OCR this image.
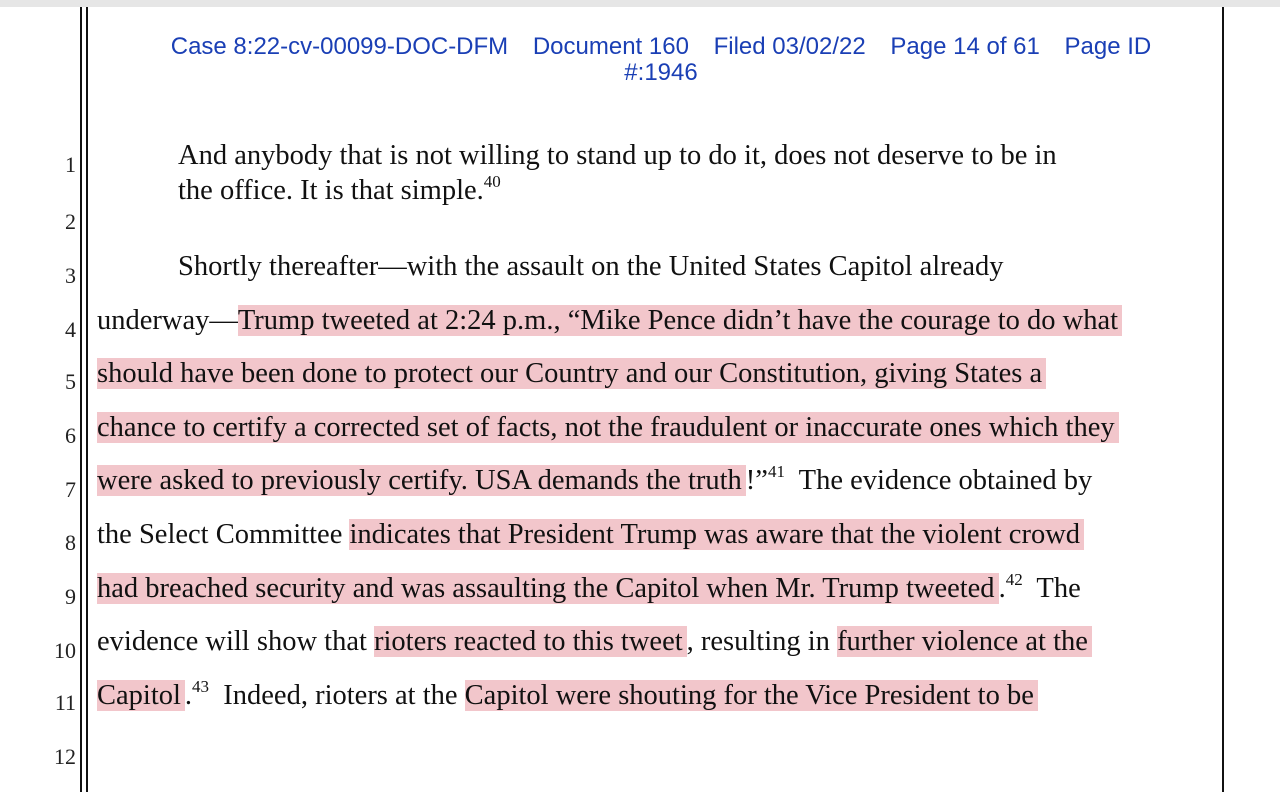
Case 8:22-cv-00099-DOC-DFM Document 160 Filed 03/02/22 Page 14 of 61 Page ID
#:1946
1
2
3
4
5
6
7
8
9
10
11
12
And anybody that is not willing to stand up to do it, does not deserve to be in
the office. It is that simple.$^{40}$
Shortly thereafter—with the assault on the United States Capitol already
underway—Trump tweeted at 2:24 p.m., “Mike Pence didn’t have the courage to do what
should have been done to protect our Country and our Constitution, giving States a
chance to certify a corrected set of facts, not the fraudulent or inaccurate ones which they
were asked to previously certify. USA demands the truth !”$^{41}$  The evidence obtained by
the Select Committee indicates that President Trump was aware that the violent crowd
had breached security and was assaulting the Capitol when Mr. Trump tweeted .$^{42}$  The
evidence will show that rioters reacted to this tweet , resulting in further violence at the
Capitol .$^{43}$  Indeed, rioters at the Capitol were shouting for the Vice President to be
